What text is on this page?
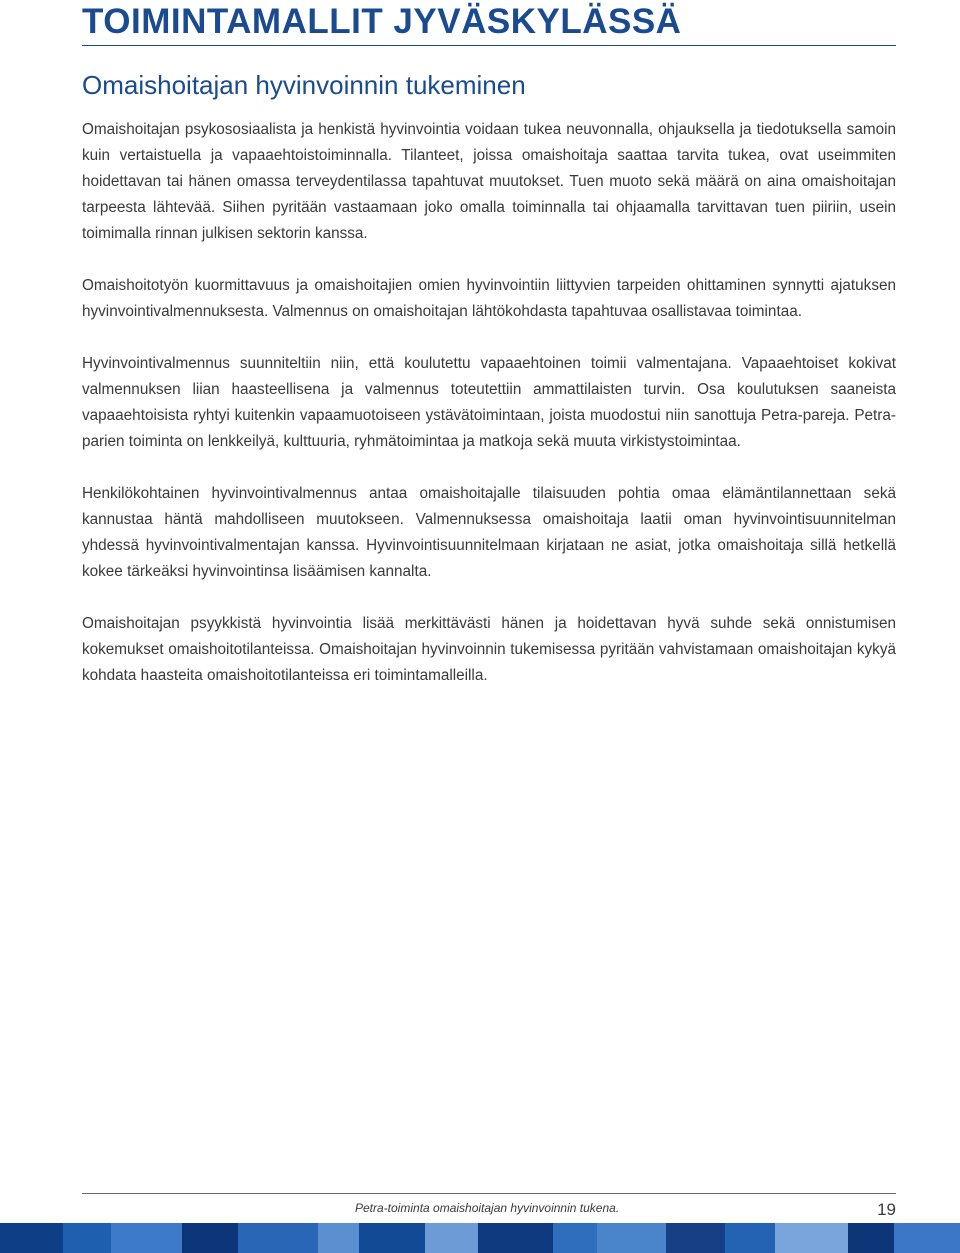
TOIMINTAMALLIT JYVÄSKYLÄSSÄ
Omaishoitajan hyvinvoinnin tukeminen

Omaishoitajan psykososiaalista ja henkistä hyvinvointia voidaan tukea neuvonnalla, ohjauksella ja tiedotuksella samoin kuin vertaistuella ja vapaaehtoistoiminnalla. Tilanteet, joissa omaishoitaja saattaa tarvita tukea, ovat useimmiten hoidettavan tai hänen omassa terveydentilassa tapahtuvat muutokset. Tuen muoto sekä määrä on aina omaishoitajan tarpeesta lähtevää. Siihen pyritään vastaamaan joko omalla toiminnalla tai ohjaamalla tarvittavan tuen piiriin, usein toimimalla rinnan julkisen sektorin kanssa.

Omaishoitotyön kuormittavuus ja omaishoitajien omien hyvinvointiin liittyvien tarpeiden ohittaminen synnytti ajatuksen hyvinvointivalmennuksesta. Valmennus on omaishoitajan lähtökohdasta tapahtuvaa osallistavaa toimintaa.

Hyvinvointivalmennus suunniteltiin niin, että koulutettu vapaaehtoinen toimii valmentajana. Vapaaehtoiset kokivat valmennuksen liian haasteellisena ja valmennus toteutettiin ammattilaisten turvin. Osa koulutuksen saaneista vapaaehtoisista ryhtyi kuitenkin vapaamuotoiseen ystävätoimintaan, joista muodostui niin sanottuja Petra-pareja. Petra-parien toiminta on lenkkeilyä, kulttuuria, ryhmätoimintaa ja matkoja sekä muuta virkistystoimintaa.

Henkilökohtainen hyvinvointivalmennus antaa omaishoitajalle tilaisuuden pohtia omaa elämäntilannettaan sekä kannustaa häntä mahdolliseen muutokseen. Valmennuksessa omaishoitaja laatii oman hyvinvointisuunnitelman yhdessä hyvinvointivalmentajan kanssa. Hyvinvointisuunnitelmaan kirjataan ne asiat, jotka omaishoitaja sillä hetkellä kokee tärkeäksi hyvinvointinsa lisäämisen kannalta.

Omaishoitajan psyykkistä hyvinvointia lisää merkittävästi hänen ja hoidettavan hyvä suhde sekä onnistumisen kokemukset omaishoitotilanteissa. Omaishoitajan hyvinvoinnin tukemisessa pyritään vahvistamaan omaishoitajan kykyä kohdata haasteita omaishoitotilanteissa eri toimintamalleilla.

Petra-toiminta omaishoitajan hyvinvoinnin tukena.	19
